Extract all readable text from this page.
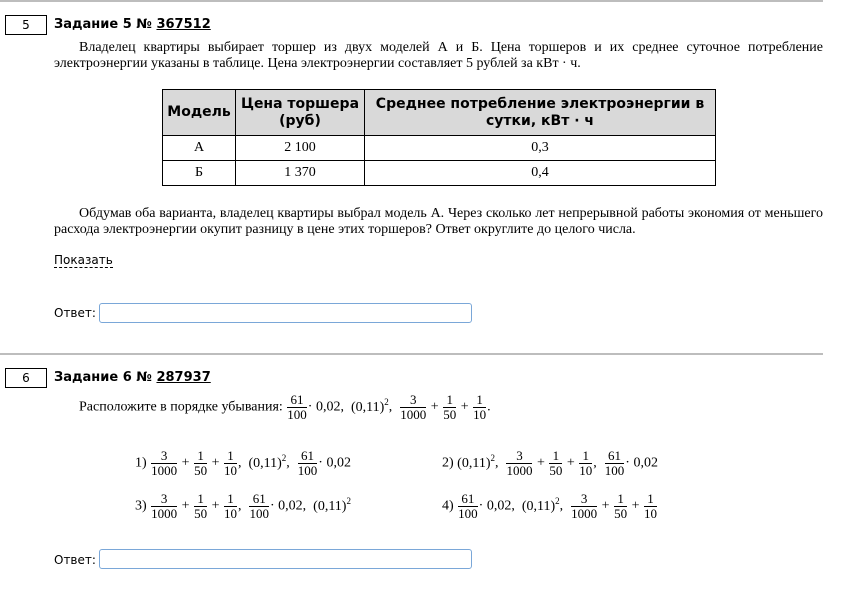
5	Задание 5 № 367512
Владелец квартиры выбирает торшер из двух моделей А и Б. Цена торшеров и их среднее суточное потребление электроэнергии указаны в таблице. Цена электроэнергии составляет 5 рублей за кВт · ч.
Модель	Цена торшера (руб)	Среднее потребление электроэнергии в сутки, кВт · ч
А	2 100	0,3
Б	1 370	0,4
Обдумав оба варианта, владелец квартиры выбрал модель А. Через сколько лет непрерывной работы экономия от меньшего расхода электроэнергии окупит разницу в цене этих торшеров? Ответ округлите до целого числа.
Показать
Ответ:
6	Задание 6 № 287937
Расположите в порядке убывания: $\frac{61}{100} \cdot 0,02$, $(0,11)^2$, $\frac{3}{1000} + \frac{1}{50} + \frac{1}{10}$ .
$1) \frac{3}{1000} + \frac{1}{50} + \frac{1}{10}$ , $(0,11)^2$, $\frac{61}{100} \cdot 0,02$	2) $(0,11)^2$, $\frac{3}{1000} + \frac{1}{50} + \frac{1}{10}$ , $\frac{61}{100} \cdot 0,02$
$3) \frac{3}{1000} + \frac{1}{50} + \frac{1}{10}$ , $\frac{61}{100} \cdot 0,02$, $(0,11)^2$	$4) \frac{61}{100} \cdot 0,02$, $(0,11)^2$, $\frac{3}{1000} + \frac{1}{50} + \frac{1}{10}$
Ответ:
